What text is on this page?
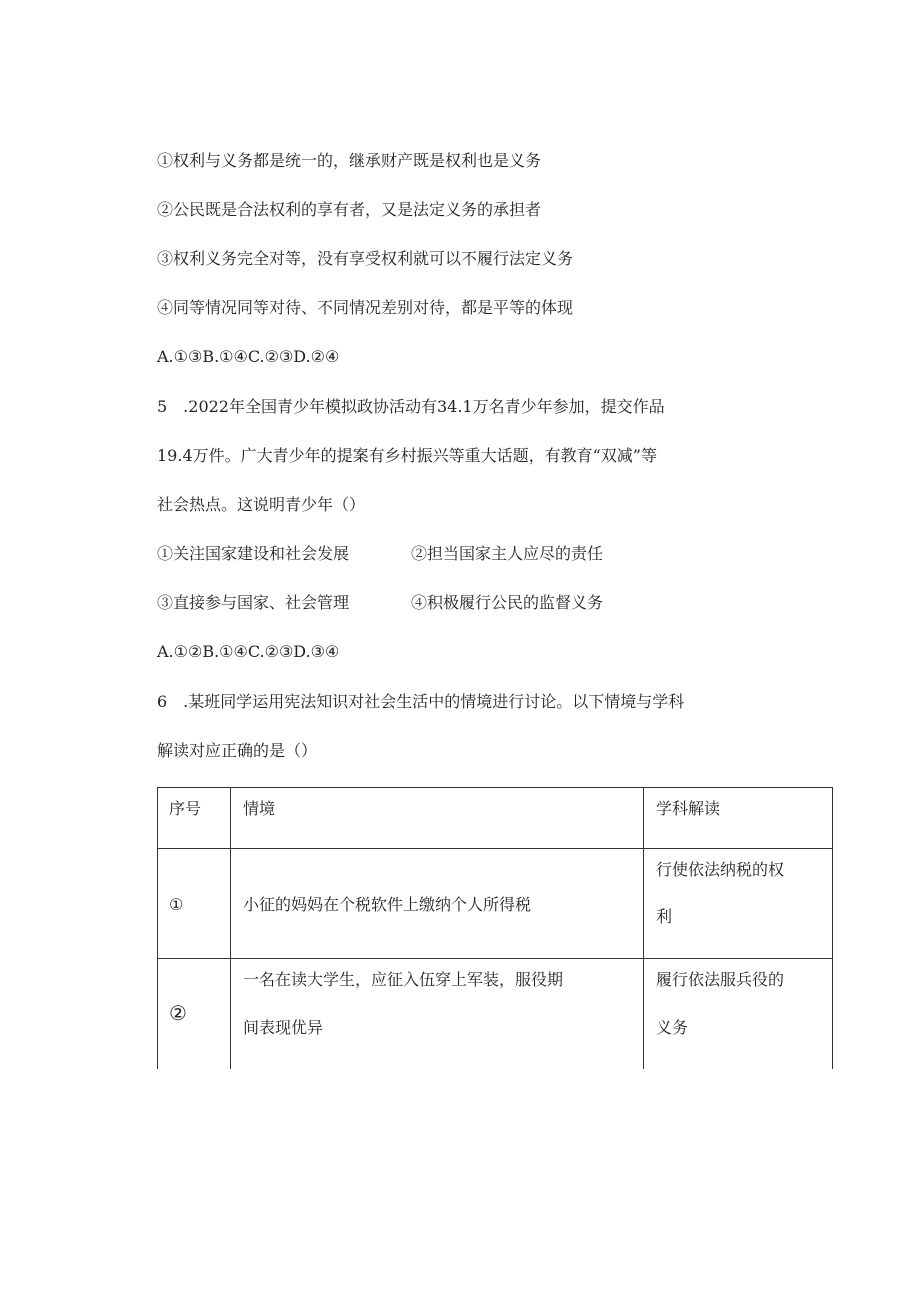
①权利与义务都是统一的，继承财产既是权利也是义务
②公民既是合法权利的享有者，又是法定义务的承担者
③权利义务完全对等，没有享受权利就可以不履行法定义务
④同等情况同等对待、不同情况差别对待，都是平等的体现
A.①③B.①④C.②③D.②④
5　.2022年全国青少年模拟政协活动有34.1万名青少年参加，提交作品
19.4万件。广大青少年的提案有乡村振兴等重大话题，有教育“双减”等
社会热点。这说明青少年（）
①关注国家建设和社会发展	②担当国家主人应尽的责任
③直接参与国家、社会管理	④积极履行公民的监督义务
A.①②B.①④C.②③D.③④
6　.某班同学运用宪法知识对社会生活中的情境进行讨论。以下情境与学科
解读对应正确的是（）
序号	情境	学科解读

①	小征的妈妈在个税软件上缴纳个人所得税	行使依法纳税的权
利

②	一名在读大学生，应征入伍穿上军装，服役期
间表现优异	履行依法服兵役的
义务
